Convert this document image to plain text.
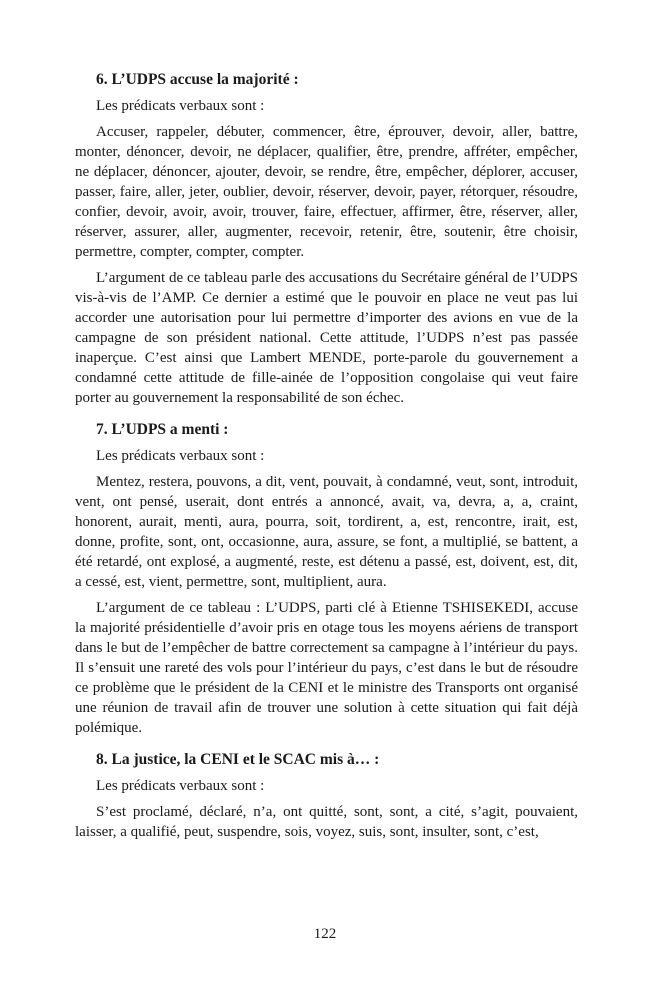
6. L’UDPS accuse la majorité :

Les prédicats verbaux sont :

Accuser, rappeler, débuter, commencer, être, éprouver, devoir, aller, battre, monter, dénoncer, devoir, ne déplacer, qualifier, être, prendre, affréter, empêcher, ne déplacer, dénoncer, ajouter, devoir, se rendre, être, empêcher, déplorer, accuser, passer, faire, aller, jeter, oublier, devoir, réserver, devoir, payer, rétorquer, résoudre, confier, devoir, avoir, avoir, trouver, faire, effectuer, affirmer, être, réserver, aller, réserver, assurer, aller, augmenter, recevoir, retenir, être, soutenir, être choisir, permettre, compter, compter, compter.

L’argument de ce tableau parle des accusations du Secrétaire général de l’UDPS vis-à-vis de l’AMP. Ce dernier a estimé que le pouvoir en place ne veut pas lui accorder une autorisation pour lui permettre d’importer des avions en vue de la campagne de son président national. Cette attitude, l’UDPS n’est pas passée inaperçue. C’est ainsi que Lambert MENDE, porte-parole du gouvernement a condamné cette attitude de fille-ainée de l’opposition congolaise qui veut faire porter au gouvernement la responsabilité de son échec.

7. L’UDPS a menti :

Les prédicats verbaux sont :

Mentez, restera, pouvons, a dit, vent, pouvait, à condamné, veut, sont, introduit, vent, ont pensé, userait, dont entrés a annoncé, avait, va, devra, a, a, craint, honorent, aurait, menti, aura, pourra, soit, tordirent, a, est, rencontre, irait, est, donne, profite, sont, ont, occasionne, aura, assure, se font, a multiplié, se battent, a été retardé, ont explosé, a augmenté, reste, est détenu a passé, est, doivent, est, dit, a cessé, est, vient, permettre, sont, multiplient, aura.

L’argument de ce tableau : L’UDPS, parti clé à Etienne TSHISEKEDI, accuse la majorité présidentielle d’avoir pris en otage tous les moyens aériens de transport dans le but de l’empêcher de battre correctement sa campagne à l’intérieur du pays. Il s’ensuit une rareté des vols pour l’intérieur du pays, c’est dans le but de résoudre ce problème que le président de la CENI et le ministre des Transports ont organisé une réunion de travail afin de trouver une solution à cette situation qui fait déjà polémique.

8. La justice, la CENI et le SCAC mis à… :

Les prédicats verbaux sont :

S’est proclamé, déclaré, n’a, ont quitté, sont, sont, a cité, s’agit, pouvaient, laisser, a qualifié, peut, suspendre, sois, voyez, suis, sont, insulter, sont, c’est,

122
